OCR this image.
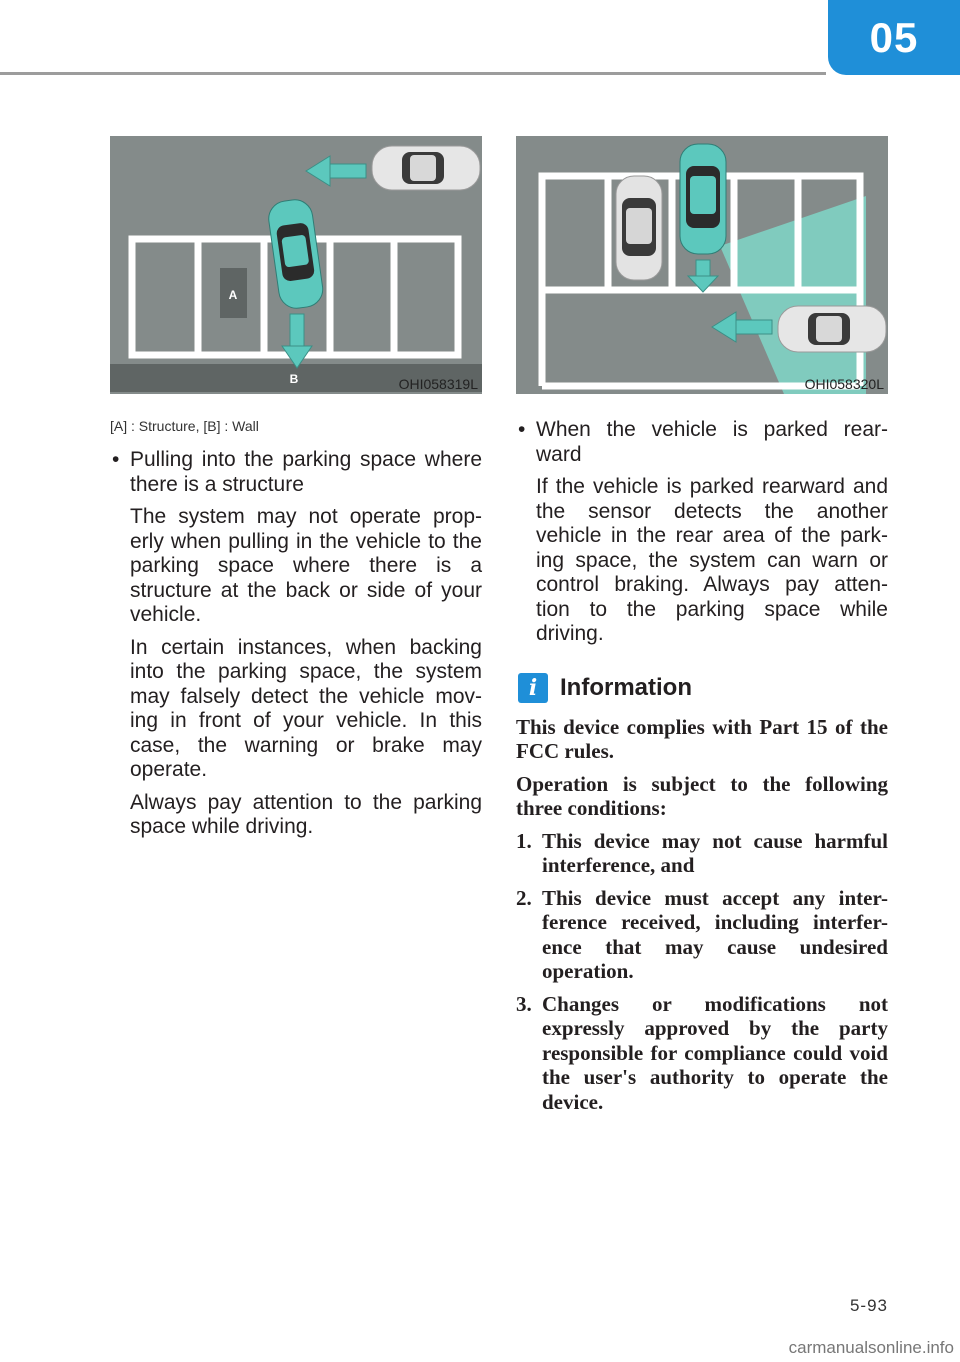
05
A
B	OHI058319L	OHI058320L

[A] : Structure, [B] : Wall

• Pulling into the parking space where there is a structure

The system may not operate prop- erly when pulling in the vehicle to the parking space where there is a structure at the back or side of your vehicle.

In certain instances, when backing into the parking space, the system may falsely detect the vehicle mov- ing in front of your vehicle. In this case, the warning or brake may operate.

Always pay attention to the parking space while driving.

• When the vehicle is parked rear- ward

If the vehicle is parked rearward and the sensor detects the another vehicle in the rear area of the park- ing space, the system can warn or control braking. Always pay atten- tion to the parking space while driving.

i Information

This device complies with Part 15 of the FCC rules.

Operation is subject to the following three conditions:

1. This device may not cause harmful interference, and
2. This device must accept any inter- ference received, including interfer- ence that may cause undesired operation.
3. Changes or modifications not expressly approved by the party responsible for compliance could void the user's authority to operate the device.
5-93
carmanualsonline.info
